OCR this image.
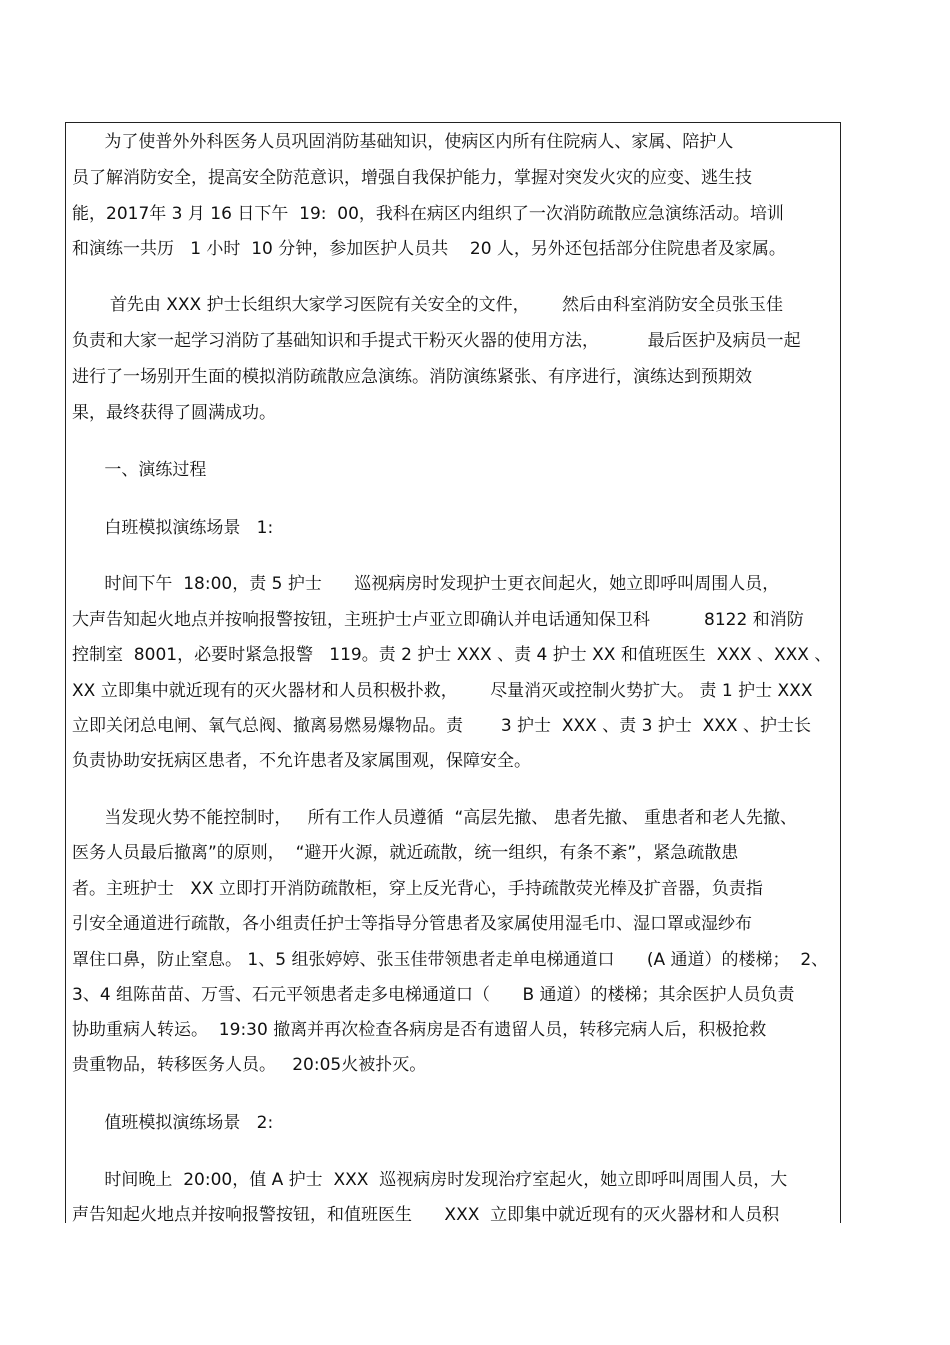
为了使普外外科医务人员巩固消防基础知识，使病区内所有住院病人、家属、陪护人
员了解消防安全，提高安全防范意识，增强自我保护能力，掌握对突发火灾的应变、逃生技
能，2017年 3 月 16 日下午  19:  00，我科在病区内组织了一次消防疏散应急演练活动。培训
和演练一共历   1 小时  10 分钟，参加医护人员共    20 人，另外还包括部分住院患者及家属。
首先由 XXX 护士长组织大家学习医院有关安全的文件，      然后由科室消防安全员张玉佳
负责和大家一起学习消防了基础知识和手提式干粉灭火器的使用方法，         最后医护及病员一起
进行了一场别开生面的模拟消防疏散应急演练。消防演练紧张、有序进行，演练达到预期效
果，最终获得了圆满成功。
一、演练过程
白班模拟演练场景   1:
时间下午  18:00，责 5 护士      巡视病房时发现护士更衣间起火，她立即呼叫周围人员，
大声告知起火地点并按响报警按钮，主班护士卢亚立即确认并电话通知保卫科          8122 和消防
控制室  8001，必要时紧急报警   119。责 2 护士 XXX 、责 4 护士 XX 和值班医生  XXX 、XXX 、
XX 立即集中就近现有的灭火器材和人员积极扑救，      尽量消灭或控制火势扩大。 责 1 护士 XXX
立即关闭总电闸、氧气总阀、撤离易燃易爆物品。责       3 护士  XXX 、责 3 护士  XXX 、护士长
负责协助安抚病区患者，不允许患者及家属围观，保障安全。
当发现火势不能控制时，   所有工作人员遵循  “高层先撤、 患者先撤、 重患者和老人先撤、
医务人员最后撤离”的原则，  “避开火源，就近疏散，统一组织，有条不紊”，紧急疏散患
者。主班护士   XX 立即打开消防疏散柜，穿上反光背心，手持疏散荧光棒及扩音器，负责指
引安全通道进行疏散，各小组责任护士等指导分管患者及家属使用湿毛巾、湿口罩或湿纱布
罩住口鼻，防止窒息。 1、5 组张婷婷、张玉佳带领患者走单电梯通道口      (A 通道）的楼梯；  2、
3、4 组陈苗苗、万雪、石元平领患者走多电梯通道口（      B 通道）的楼梯；其余医护人员负责
协助重病人转运。  19:30 撤离并再次检查各病房是否有遗留人员，转移完病人后，积极抢救
贵重物品，转移医务人员。   20:05火被扑灭。
值班模拟演练场景   2:
时间晚上  20:00，值 A 护士  XXX  巡视病房时发现治疗室起火，她立即呼叫周围人员，大
声告知起火地点并按响报警按钮，和值班医生      XXX  立即集中就近现有的灭火器材和人员积
